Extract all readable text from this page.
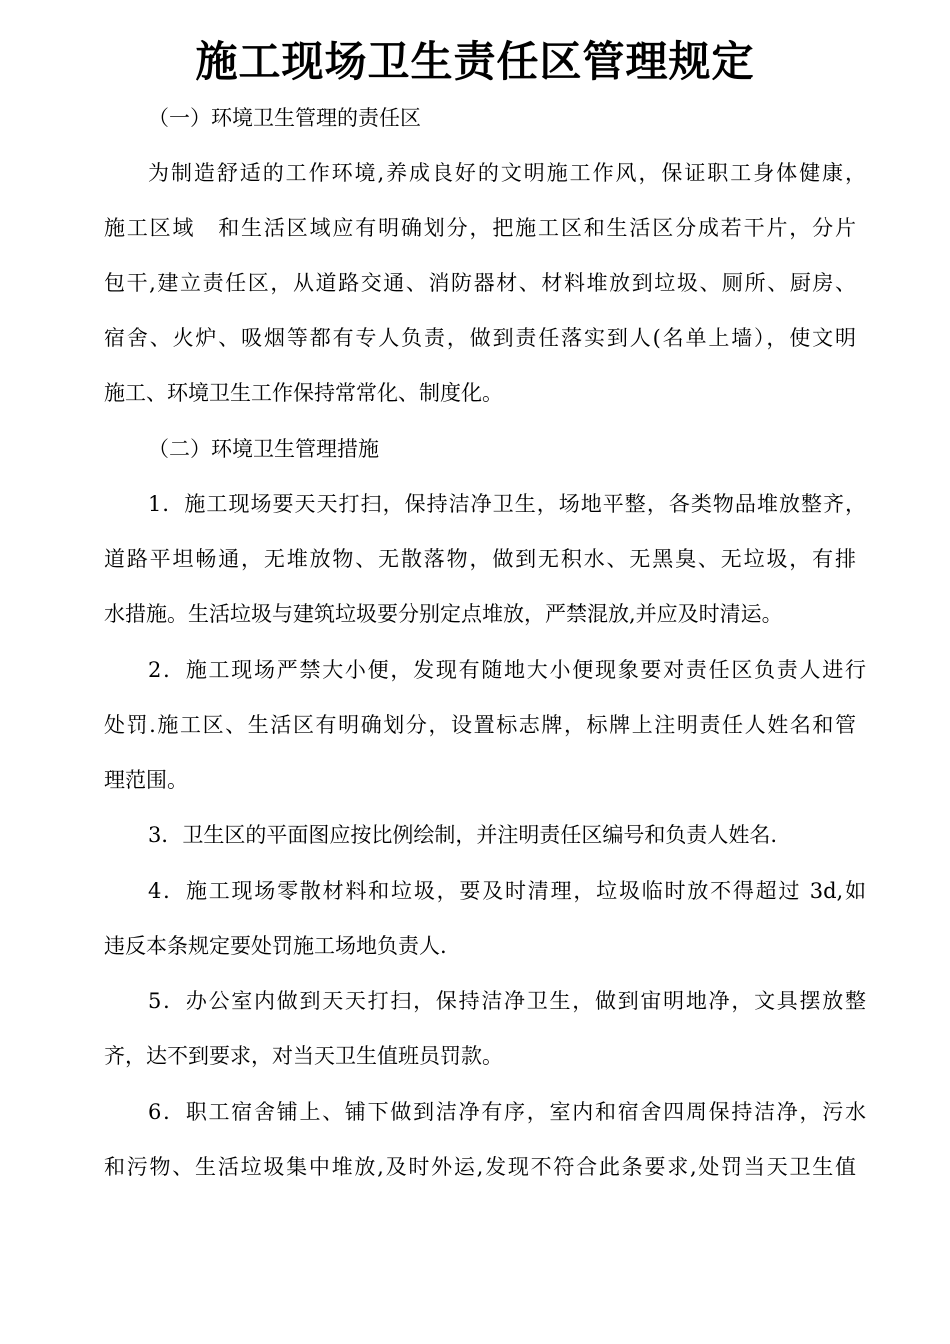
施工现场卫生责任区管理规定
（一）环境卫生管理的责任区
为制造舒适的工作环境,养成良好的文明施工作风，保证职工身体健康，
施工区域　和生活区域应有明确划分，把施工区和生活区分成若干片，分片
包干,建立责任区，从道路交通、消防器材、材料堆放到垃圾、厕所、厨房、
宿舍、火炉、吸烟等都有专人负责，做到责任落实到人(名单上墙），使文明
施工、环境卫生工作保持常常化、制度化。
（二）环境卫生管理措施
1．施工现场要天天打扫，保持洁净卫生，场地平整，各类物品堆放整齐，
道路平坦畅通，无堆放物、无散落物，做到无积水、无黑臭、无垃圾，有排
水措施。生活垃圾与建筑垃圾要分别定点堆放，严禁混放,并应及时清运。
2．施工现场严禁大小便，发现有随地大小便现象要对责任区负责人进行
处罚.施工区、生活区有明确划分，设置标志牌，标牌上注明责任人姓名和管
理范围。
3．卫生区的平面图应按比例绘制，并注明责任区编号和负责人姓名.
4．施工现场零散材料和垃圾，要及时清理，垃圾临时放不得超过 3d,如
违反本条规定要处罚施工场地负责人.
5．办公室内做到天天打扫，保持洁净卫生，做到宙明地净，文具摆放整
齐，达不到要求，对当天卫生值班员罚款。
6．职工宿舍铺上、铺下做到洁净有序，室内和宿舍四周保持洁净，污水
和污物、生活垃圾集中堆放,及时外运,发现不符合此条要求,处罚当天卫生值
